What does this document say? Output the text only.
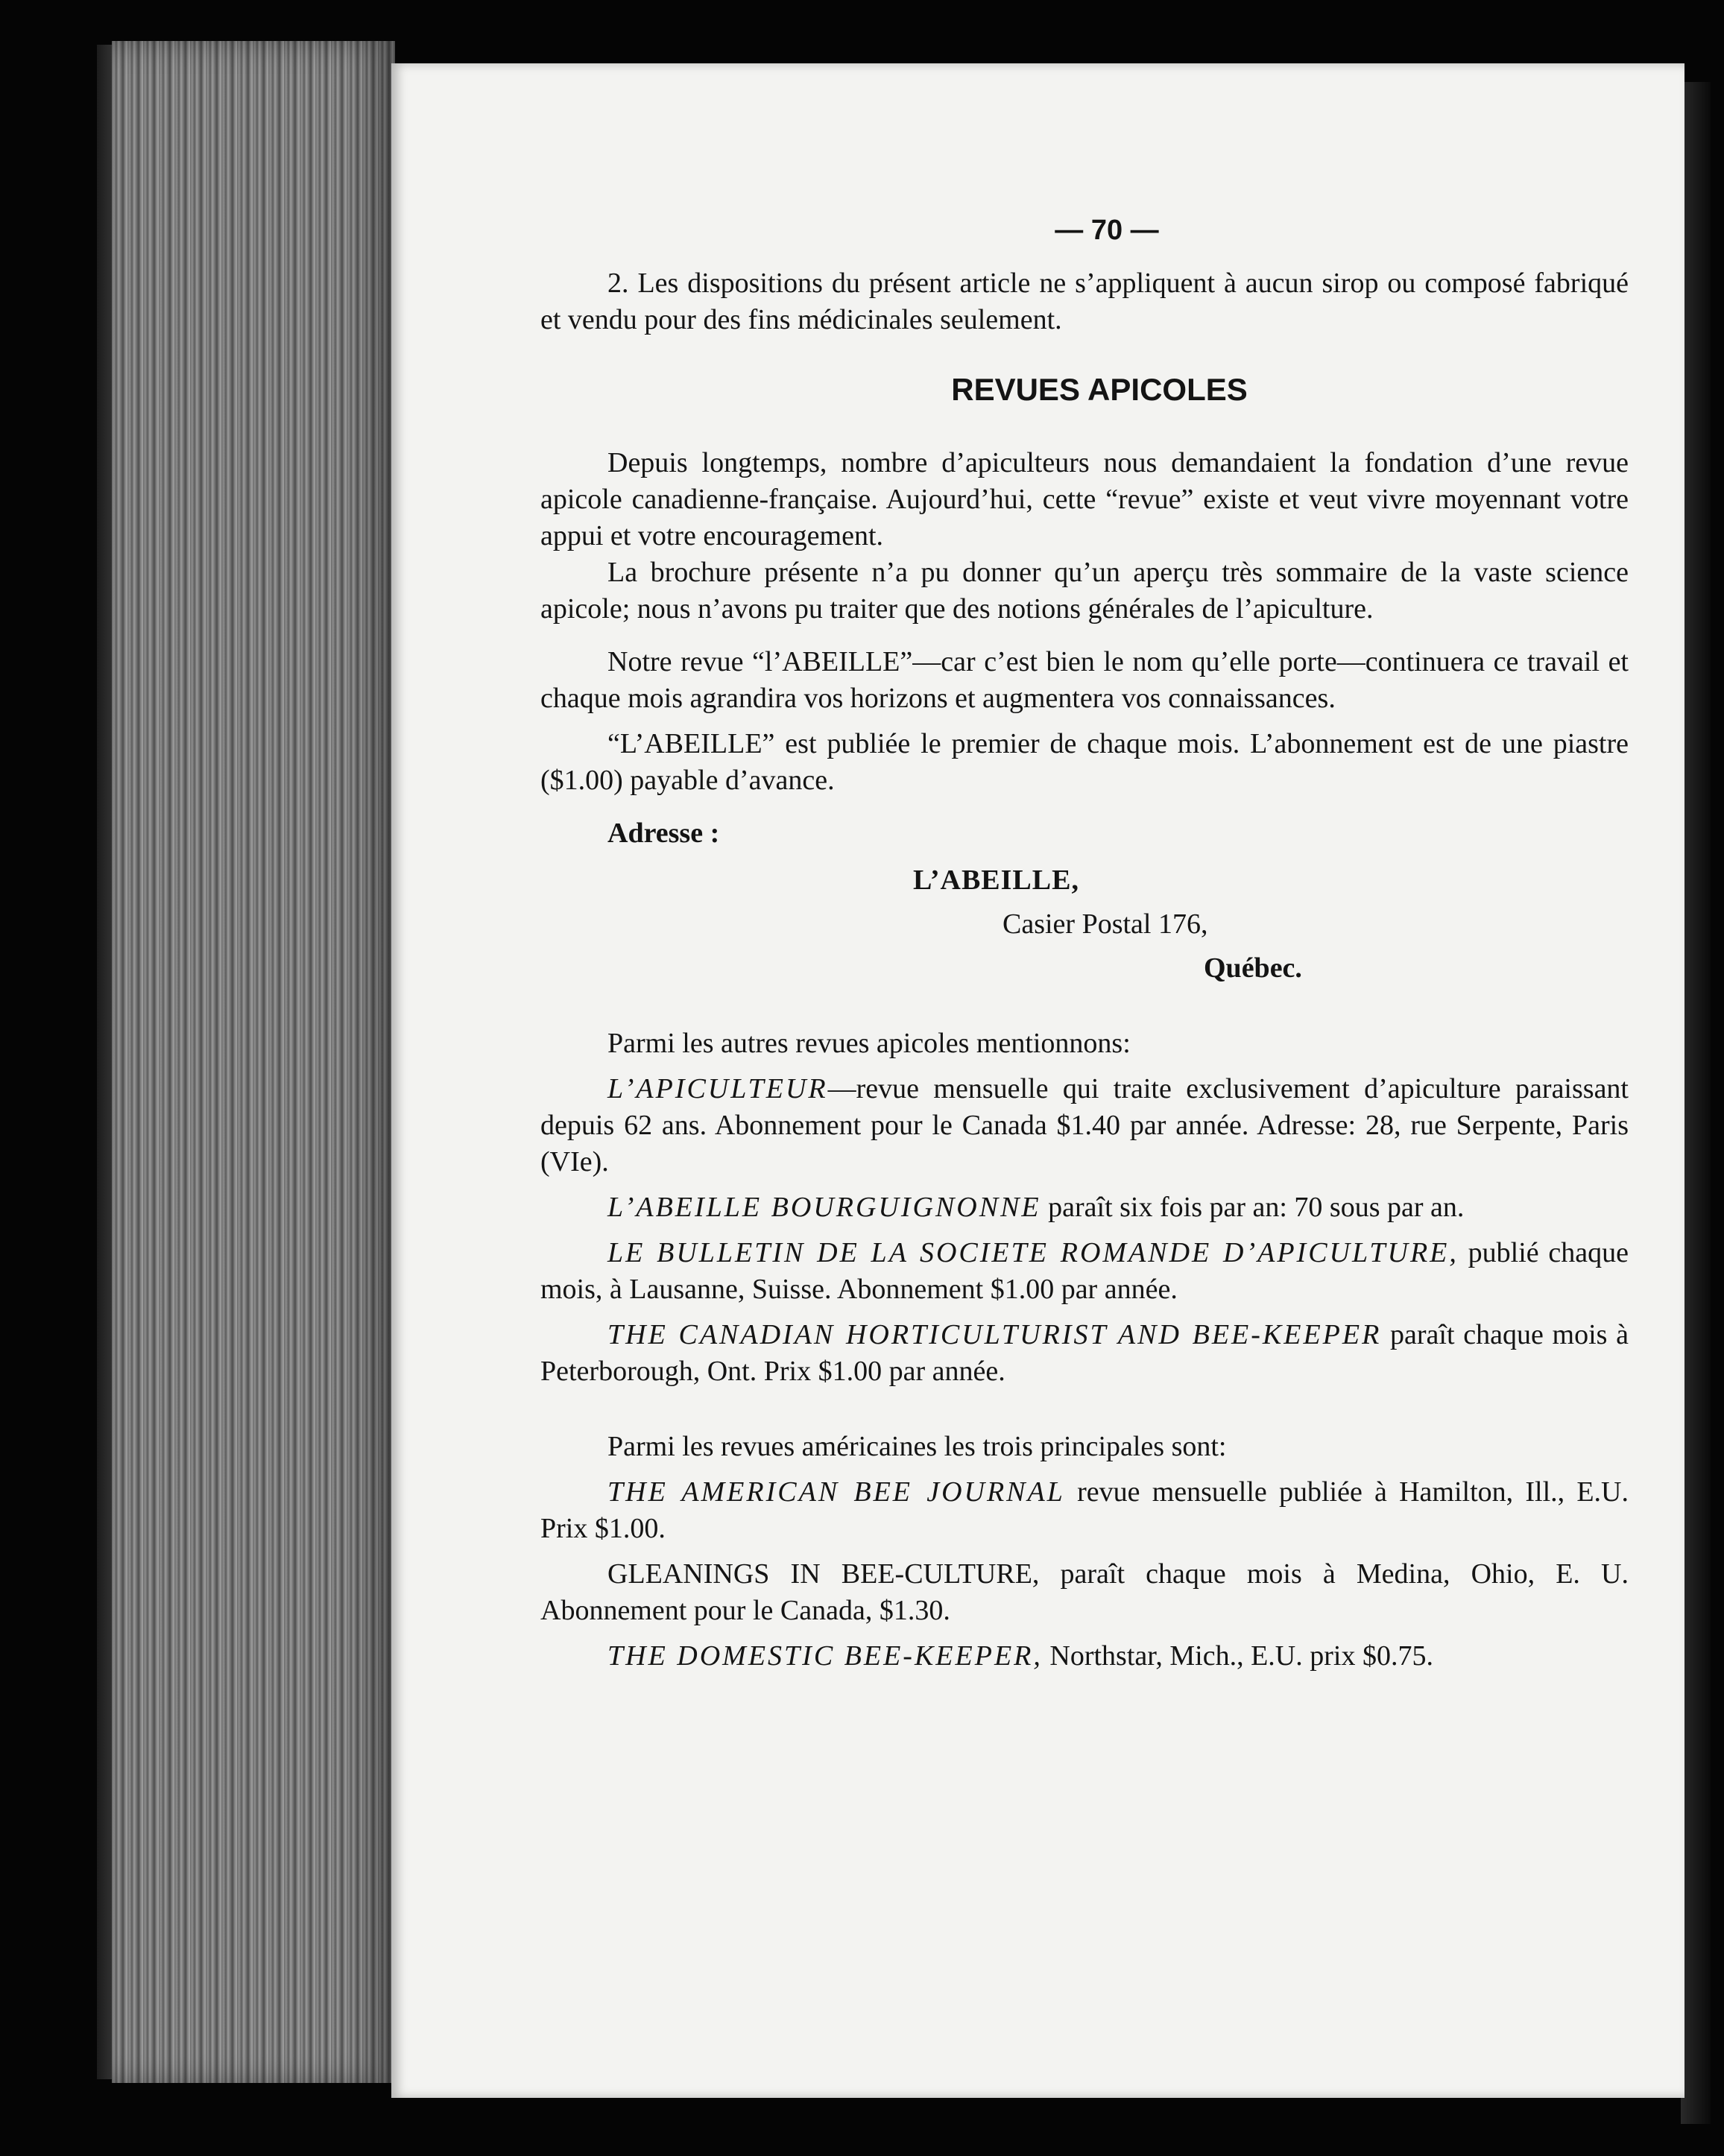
— 70 —

2. Les dispositions du présent article ne s’appliquent à aucun sirop ou composé fabriqué et vendu pour des fins médicinales seulement.

REVUES APICOLES

Depuis longtemps, nombre d’apiculteurs nous demandaient la fondation d’une revue apicole canadienne-française. Aujourd’hui, cette “revue” existe et veut vivre moyennant votre appui et votre encouragement.

La brochure présente n’a pu donner qu’un aperçu très sommaire de la vaste science apicole; nous n’avons pu traiter que des notions générales de l’apiculture.

Notre revue “l’ABEILLE”—car c’est bien le nom qu’elle porte—continuera ce travail et chaque mois agrandira vos horizons et augmentera vos connaissances.

“L’ABEILLE” est publiée le premier de chaque mois. L’abonnement est de une piastre ($1.00) payable d’avance.

Adresse :
L’ABEILLE,
Casier Postal 176,
Québec.

Parmi les autres revues apicoles mentionnons:

L’APICULTEUR—revue mensuelle qui traite exclusivement d’apiculture paraissant depuis 62 ans. Abonnement pour le Canada $1.40 par année. Adresse: 28, rue Serpente, Paris (VIe).

L’ABEILLE BOURGUIGNONNE paraît six fois par an: 70 sous par an.

LE BULLETIN DE LA SOCIETE ROMANDE D’APICULTURE, publié chaque mois, à Lausanne, Suisse. Abonnement $1.00 par année.

THE CANADIAN HORTICULTURIST AND BEE-KEEPER paraît chaque mois à Peterborough, Ont. Prix $1.00 par année.

Parmi les revues américaines les trois principales sont:

THE AMERICAN BEE JOURNAL revue mensuelle publiée à Hamilton, Ill., E.U. Prix $1.00.

GLEANINGS IN BEE-CULTURE, paraît chaque mois à Medina, Ohio, E. U. Abonnement pour le Canada, $1.30.

THE DOMESTIC BEE-KEEPER, Northstar, Mich., E.U. prix $0.75.
